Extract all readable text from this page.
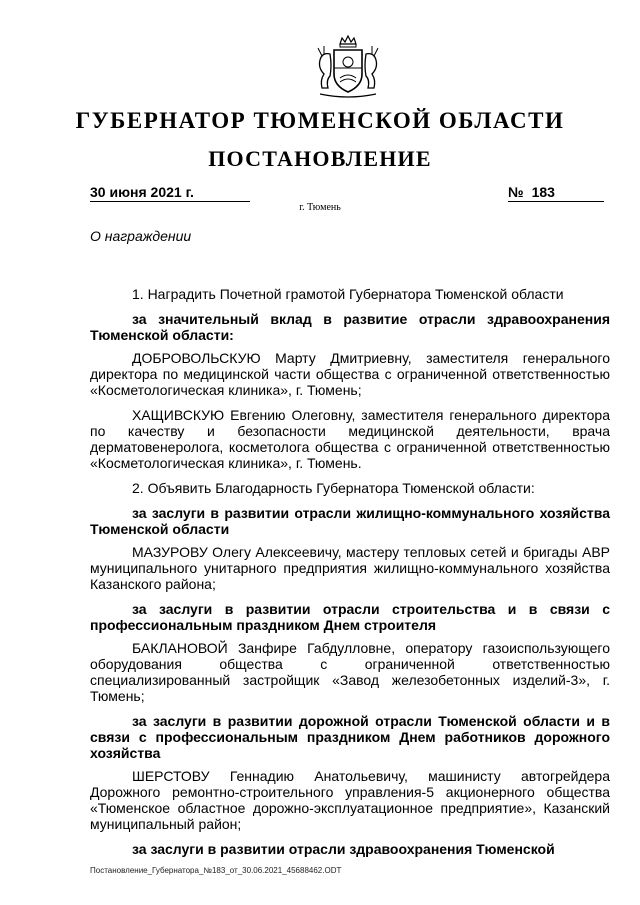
ГУБЕРНАТОР ТЮМЕНСКОЙ ОБЛАСТИ
ПОСТАНОВЛЕНИЕ
30 июня 2021 г.	№ 183
г. Тюмень
О награждении

1. Наградить Почетной грамотой Губернатора Тюменской области

за значительный вклад в развитие отрасли здравоохранения Тюменской области:

ДОБРОВОЛЬСКУЮ Марту Дмитриевну, заместителя генерального директора по медицинской части общества с ограниченной ответственностью «Косметологическая клиника», г. Тюмень;

ХАЩИВСКУЮ Евгению Олеговну, заместителя генерального директора по качеству и безопасности медицинской деятельности, врача дерматовенеролога, косметолога общества с ограниченной ответственностью «Косметологическая клиника», г. Тюмень.

2. Объявить Благодарность Губернатора Тюменской области:

за заслуги в развитии отрасли жилищно-коммунального хозяйства Тюменской области

МАЗУРОВУ Олегу Алексеевичу, мастеру тепловых сетей и бригады АВР муниципального унитарного предприятия жилищно-коммунального хозяйства Казанского района;

за заслуги в развитии отрасли строительства и в связи с профессиональным праздником Днем строителя

БАКЛАНОВОЙ Занфире Габдулловне, оператору газоиспользующего оборудования общества с ограниченной ответственностью специализированный застройщик «Завод железобетонных изделий-3», г. Тюмень;

за заслуги в развитии дорожной отрасли Тюменской области и в связи с профессиональным праздником Днем работников дорожного хозяйства

ШЕРСТОВУ Геннадию Анатольевичу, машинисту автогрейдера Дорожного ремонтно-строительного управления-5 акционерного общества «Тюменское областное дорожно-эксплуатационное предприятие», Казанский муниципальный район;

за заслуги в развитии отрасли здравоохранения Тюменской

Постановление_Губернатора_№183_от_30.06.2021_45688462.ODT
